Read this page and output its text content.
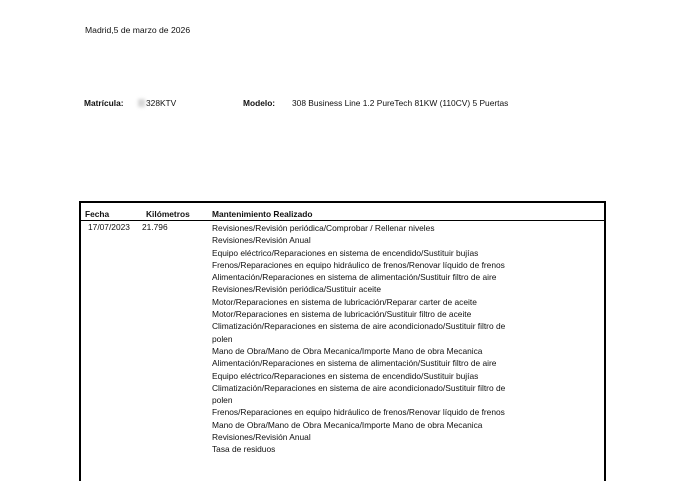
Madrid,5 de marzo de 2026
Matrícula:	328KTV	Modelo: 308 Business Line 1.2 PureTech 81KW (110CV) 5 Puertas
Fecha	Kilómetros	Mantenimiento Realizado
17/07/2023 21.796	Revisiones/Revisión periódica/Comprobar / Rellenar niveles
Revisiones/Revisión Anual
Equipo eléctrico/Reparaciones en sistema de encendido/Sustituir bujías
Frenos/Reparaciones en equipo hidráulico de frenos/Renovar líquido de frenos
Alimentación/Reparaciones en sistema de alimentación/Sustituir filtro de aire
Revisiones/Revisión periódica/Sustituir aceite
Motor/Reparaciones en sistema de lubricación/Reparar carter de aceite
Motor/Reparaciones en sistema de lubricación/Sustituir filtro de aceite
Climatización/Reparaciones en sistema de aire acondicionado/Sustituir filtro de
polen
Mano de Obra/Mano de Obra Mecanica/Importe Mano de obra Mecanica
Alimentación/Reparaciones en sistema de alimentación/Sustituir filtro de aire
Equipo eléctrico/Reparaciones en sistema de encendido/Sustituir bujías
Climatización/Reparaciones en sistema de aire acondicionado/Sustituir filtro de
polen
Frenos/Reparaciones en equipo hidráulico de frenos/Renovar líquido de frenos
Mano de Obra/Mano de Obra Mecanica/Importe Mano de obra Mecanica
Revisiones/Revisión Anual
Tasa de residuos
